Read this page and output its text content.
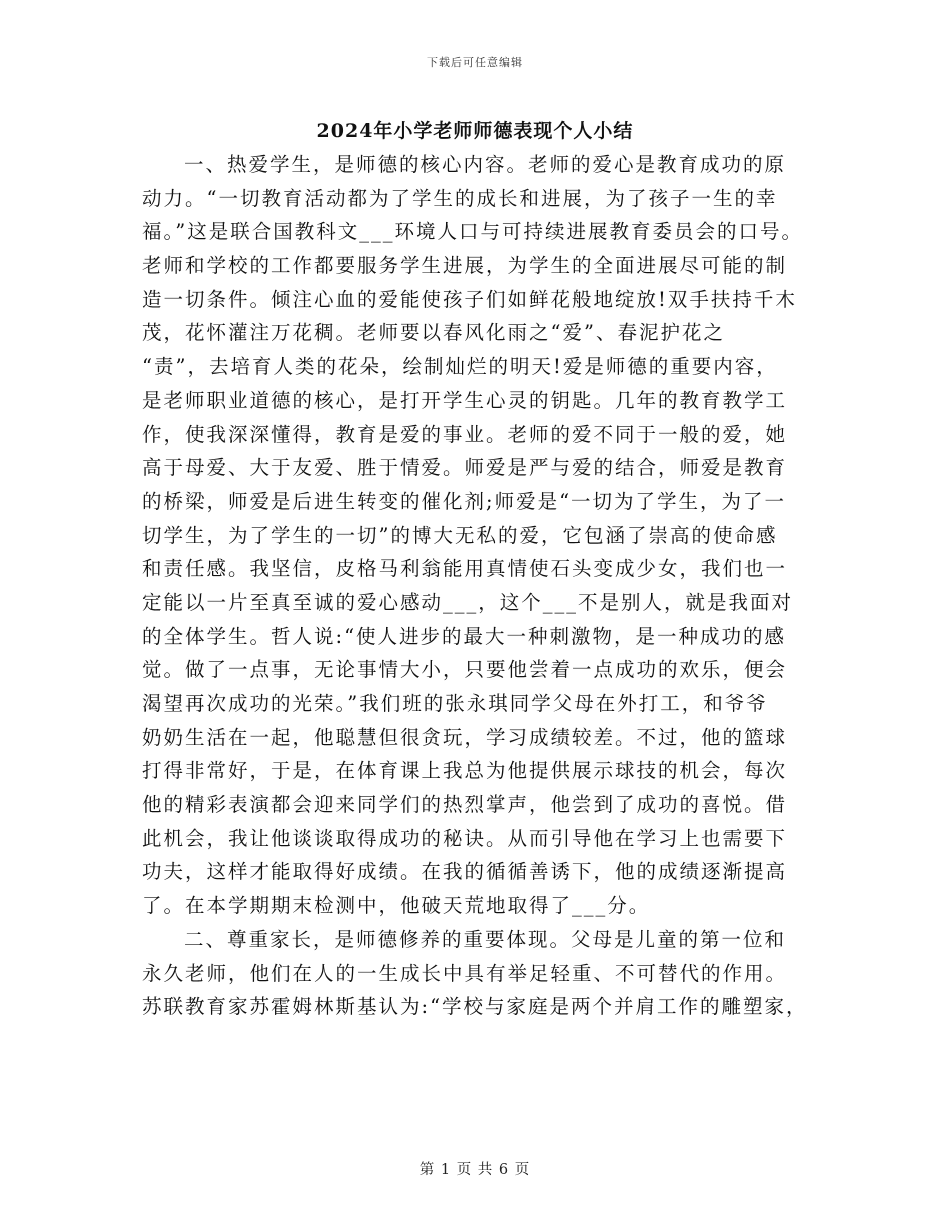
下载后可任意编辑
2024年小学老师师德表现个人小结
一、热爱学生，是师德的核心内容。老师的爱心是教育成功的原
动力。“一切教育活动都为了学生的成长和进展，为了孩子一生的幸
福。”这是联合国教科文___环境人口与可持续进展教育委员会的口号。
老师和学校的工作都要服务学生进展，为学生的全面进展尽可能的制
造一切条件。倾注心血的爱能使孩子们如鲜花般地绽放!双手扶持千木
茂，花怀灌注万花稠。老师要以春风化雨之“爱”、春泥护花之
“责”，去培育人类的花朵，绘制灿烂的明天!爱是师德的重要内容，
是老师职业道德的核心，是打开学生心灵的钥匙。几年的教育教学工
作，使我深深懂得，教育是爱的事业。老师的爱不同于一般的爱，她
高于母爱、大于友爱、胜于情爱。师爱是严与爱的结合，师爱是教育
的桥梁，师爱是后进生转变的催化剂;师爱是“一切为了学生，为了一
切学生，为了学生的一切”的博大无私的爱，它包涵了崇高的使命感
和责任感。我坚信，皮格马利翁能用真情使石头变成少女，我们也一
定能以一片至真至诚的爱心感动___，这个___不是别人，就是我面对
的全体学生。哲人说:“使人进步的最大一种刺激物，是一种成功的感
觉。做了一点事，无论事情大小，只要他尝着一点成功的欢乐，便会
渴望再次成功的光荣。”我们班的张永琪同学父母在外打工，和爷爷
奶奶生活在一起，他聪慧但很贪玩，学习成绩较差。不过，他的篮球
打得非常好，于是，在体育课上我总为他提供展示球技的机会，每次
他的精彩表演都会迎来同学们的热烈掌声，他尝到了成功的喜悦。借
此机会，我让他谈谈取得成功的秘诀。从而引导他在学习上也需要下
功夫，这样才能取得好成绩。在我的循循善诱下，他的成绩逐渐提高
了。在本学期期末检测中，他破天荒地取得了___分。
二、尊重家长，是师德修养的重要体现。父母是儿童的第一位和
永久老师，他们在人的一生成长中具有举足轻重、不可替代的作用。
苏联教育家苏霍姆林斯基认为:“学校与家庭是两个并肩工作的雕塑家，
第 1 页 共 6 页
